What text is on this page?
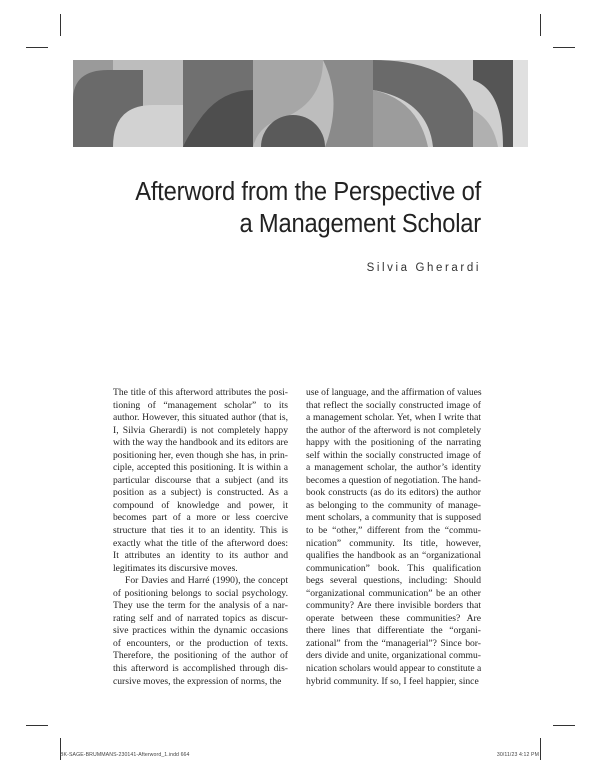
Afterword from the Perspective of
a Management Scholar
Silvia Gherardi
The title of this afterword attributes the posi-
tioning of “management scholar” to its
author. However, this situated author (that is,
I, Silvia Gherardi) is not completely happy
with the way the handbook and its editors are
positioning her, even though she has, in prin-
ciple, accepted this positioning. It is within a
particular discourse that a subject (and its
position as a subject) is constructed. As a
compound of knowledge and power, it
becomes part of a more or less coercive
structure that ties it to an identity. This is
exactly what the title of the afterword does:
It attributes an identity to its author and
legitimates its discursive moves.
For Davies and Harré (1990), the concept
of positioning belongs to social psychology.
They use the term for the analysis of a nar-
rating self and of narrated topics as discur-
sive practices within the dynamic occasions
of encounters, or the production of texts.
Therefore, the positioning of the author of
this afterword is accomplished through dis-
cursive moves, the expression of norms, the
use of language, and the affirmation of values
that reflect the socially constructed image of
a management scholar. Yet, when I write that
the author of the afterword is not completely
happy with the positioning of the narrating
self within the socially constructed image of
a management scholar, the author’s identity
becomes a question of negotiation. The hand-
book constructs (as do its editors) the author
as belonging to the community of manage-
ment scholars, a community that is supposed
to be “other,” different from the “commu-
nication” community. Its title, however,
qualifies the handbook as an “organizational
communication” book. This qualification
begs several questions, including: Should
“organizational communication” be an other
community? Are there invisible borders that
operate between these communities? Are
there lines that differentiate the “organi-
zational” from the “managerial”? Since bor-
ders divide and unite, organizational commu-
nication scholars would appear to constitute a
hybrid community. If so, I feel happier, since
BK-SAGE-BRUMMANS-230141-Afterword_1.indd 664	30/11/23 4:12 PM
